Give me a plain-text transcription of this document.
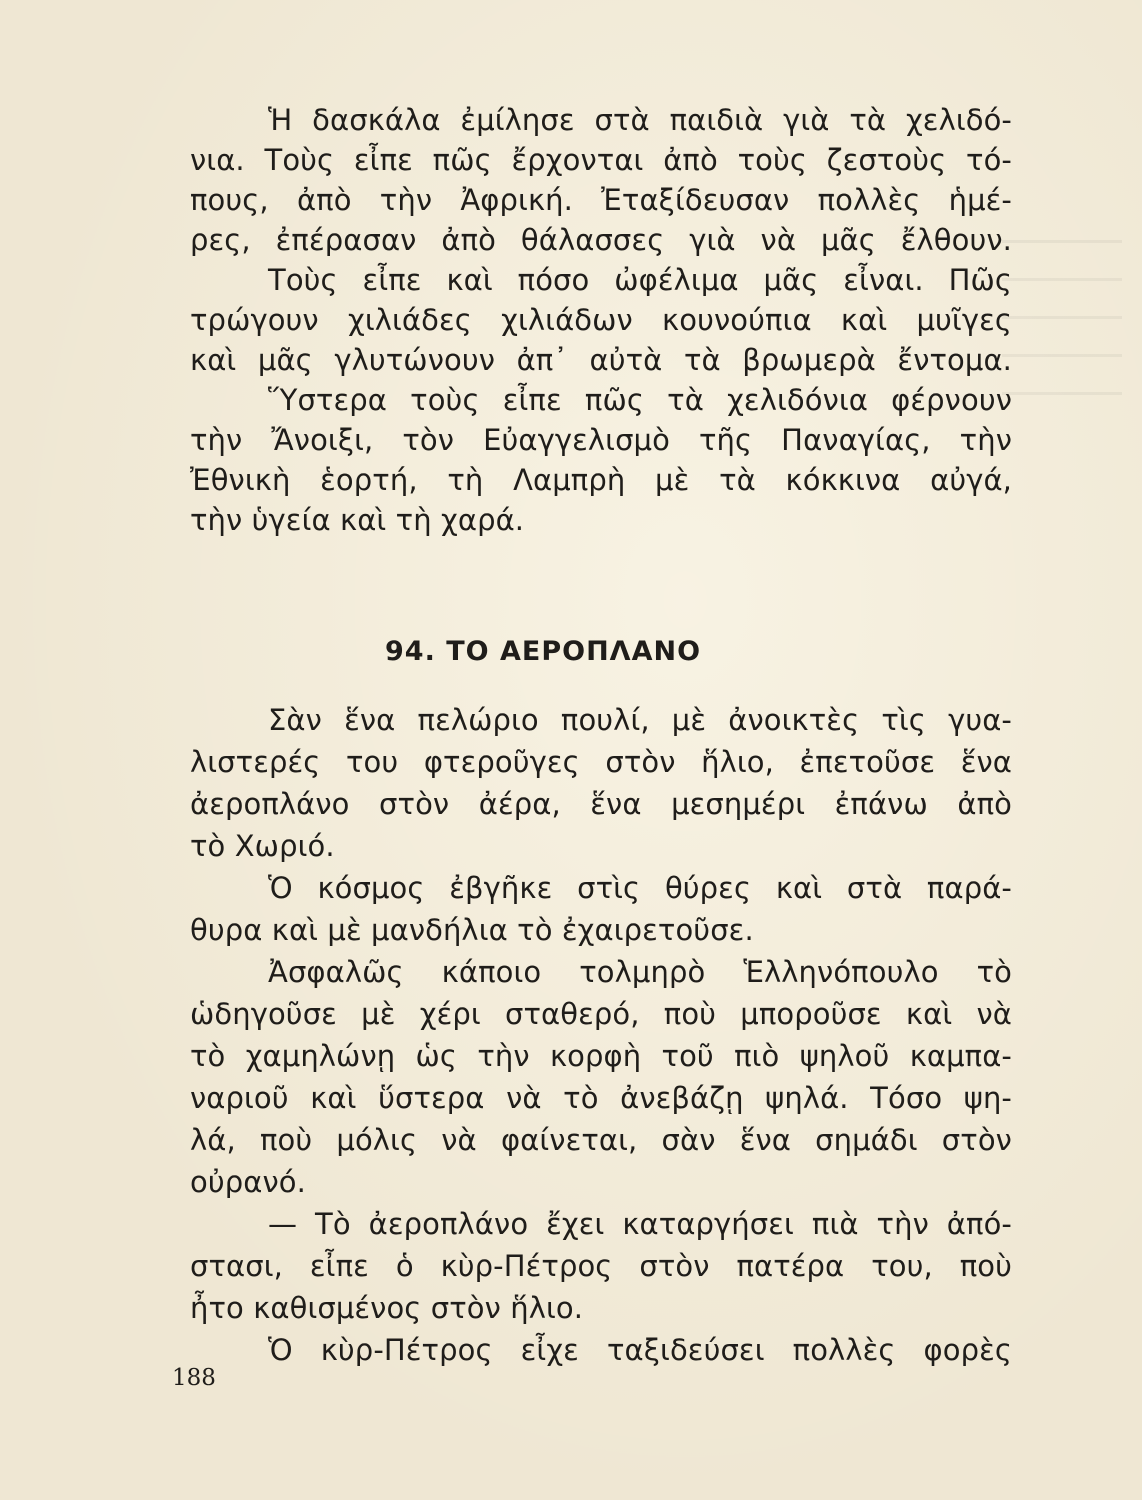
Ἡ δασκάλα ἐμίλησε στὰ παιδιὰ γιὰ τὰ χελιδό-
νια. Τοὺς εἶπε πῶς ἔρχονται ἀπὸ τοὺς ζεστοὺς τό-
πους, ἀπὸ τὴν Ἀφρική. Ἐταξίδευσαν πολλὲς ἡμέ-
ρες, ἐπέρασαν ἀπὸ θάλασσες γιὰ νὰ μᾶς ἔλθουν.
Τοὺς εἶπε καὶ πόσο ὠφέλιμα μᾶς εἶναι. Πῶς
τρώγουν χιλιάδες χιλιάδων κουνούπια καὶ μυῖγες
καὶ μᾶς γλυτώνουν ἀπ᾽ αὐτὰ τὰ βρωμερὰ ἔντομα.
Ὕστερα τοὺς εἶπε πῶς τὰ χελιδόνια φέρνουν
τὴν Ἄνοιξι, τὸν Εὐαγγελισμὸ τῆς Παναγίας, τὴν
Ἐθνικὴ ἑορτή, τὴ Λαμπρὴ μὲ τὰ κόκκινα αὐγά,
τὴν ὑγεία καὶ τὴ χαρά.
94. ΤΟ ΑΕΡΟΠΛΑΝΟ
Σὰν ἕνα πελώριο πουλί, μὲ ἀνοικτὲς τὶς γυα-
λιστερές του φτεροῦγες στὸν ἥλιο, ἐπετοῦσε ἕνα
ἀεροπλάνο στὸν ἀέρα, ἕνα μεσημέρι ἐπάνω ἀπὸ
τὸ Χωριό.
Ὁ κόσμος ἐβγῆκε στὶς θύρες καὶ στὰ παρά-
θυρα καὶ μὲ μανδήλια τὸ ἐχαιρετοῦσε.
Ἀσφαλῶς κάποιο τολμηρὸ Ἑλληνόπουλο τὸ
ὡδηγοῦσε μὲ χέρι σταθερό, ποὺ μποροῦσε καὶ νὰ
τὸ χαμηλώνῃ ὡς τὴν κορφὴ τοῦ πιὸ ψηλοῦ καμπα-
ναριοῦ καὶ ὕστερα νὰ τὸ ἀνεβάζῃ ψηλά. Τόσο ψη-
λά, ποὺ μόλις νὰ φαίνεται, σὰν ἕνα σημάδι στὸν
οὐρανό.
— Τὸ ἀεροπλάνο ἔχει καταργήσει πιὰ τὴν ἀπό-
στασι, εἶπε ὁ κὺρ-Πέτρος στὸν πατέρα του, ποὺ
ἦτο καθισμένος στὸν ἥλιο.
Ὁ κὺρ-Πέτρος εἶχε ταξιδεύσει πολλὲς φορὲς
188
